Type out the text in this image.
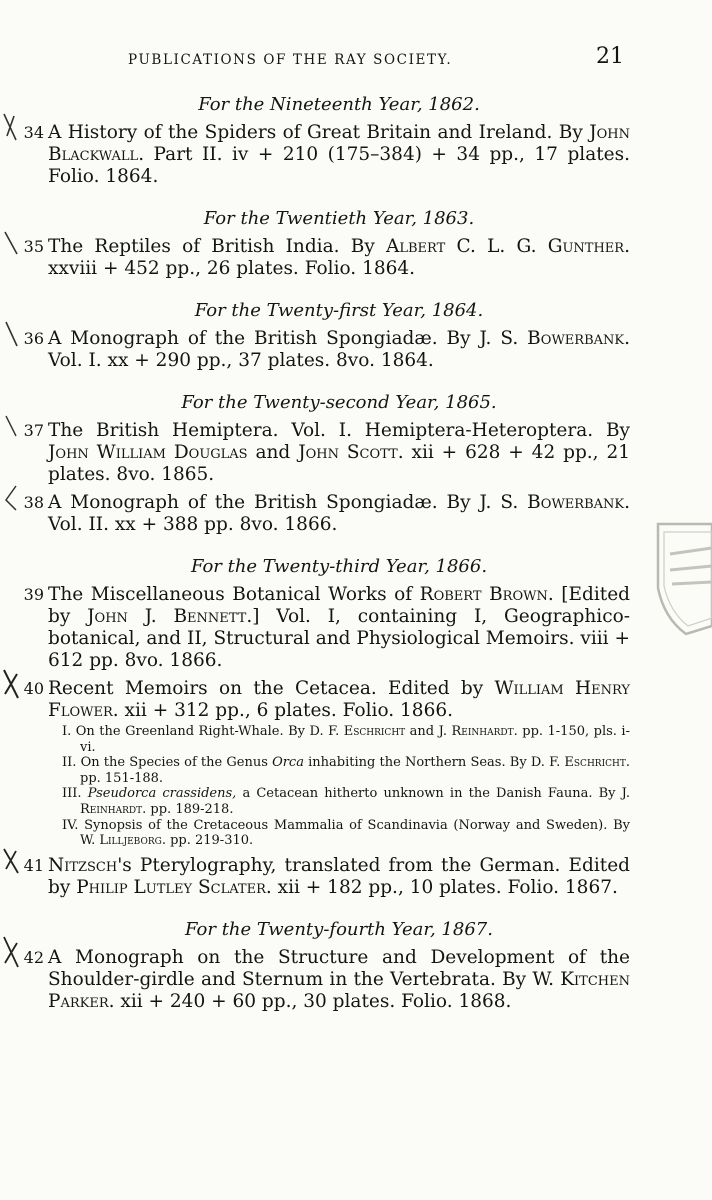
PUBLICATIONS OF THE RAY SOCIETY.	21
For the Nineteenth Year, 1862.
34 A History of the Spiders of Great Britain and Ireland. By John Blackwall. Part II. iv + 210 (175–384) + 34 pp., 17 plates. Folio. 1864.
For the Twentieth Year, 1863.
35 The Reptiles of British India. By Albert C. L. G. Gunther. xxviii + 452 pp., 26 plates. Folio. 1864.
For the Twenty-first Year, 1864.
36 A Monograph of the British Spongiadæ. By J. S. Bowerbank. Vol. I. xx + 290 pp., 37 plates. 8vo. 1864.
For the Twenty-second Year, 1865.
37 The British Hemiptera. Vol. I. Hemiptera-Heteroptera. By John William Douglas and John Scott. xii + 628 + 42 pp., 21 plates. 8vo. 1865.
38 A Monograph of the British Spongiadæ. By J. S. Bowerbank. Vol. II. xx + 388 pp. 8vo. 1866.
For the Twenty-third Year, 1866.
39 The Miscellaneous Botanical Works of Robert Brown. [Edited by John J. Bennett.] Vol. I, containing I, Geographico-botanical, and II, Structural and Physiological Memoirs. viii + 612 pp. 8vo. 1866.
40 Recent Memoirs on the Cetacea. Edited by William Henry Flower. xii + 312 pp., 6 plates. Folio. 1866.
I. On the Greenland Right-Whale. By D. F. Eschricht and J. Reinhardt. pp. 1-150, pls. i-vi.
II. On the Species of the Genus Orca inhabiting the Northern Seas. By D. F. Eschricht. pp. 151-188.
III. Pseudorca crassidens, a Cetacean hitherto unknown in the Danish Fauna. By J. Reinhardt. pp. 189-218.
IV. Synopsis of the Cretaceous Mammalia of Scandinavia (Norway and Sweden). By W. Lilljeborg. pp. 219-310.
41 Nitzsch's Pterylography, translated from the German. Edited by Philip Lutley Sclater. xii + 182 pp., 10 plates. Folio. 1867.
For the Twenty-fourth Year, 1867.
42 A Monograph on the Structure and Development of the Shoulder-girdle and Sternum in the Vertebrata. By W. Kitchen Parker. xii + 240 + 60 pp., 30 plates. Folio. 1868.
